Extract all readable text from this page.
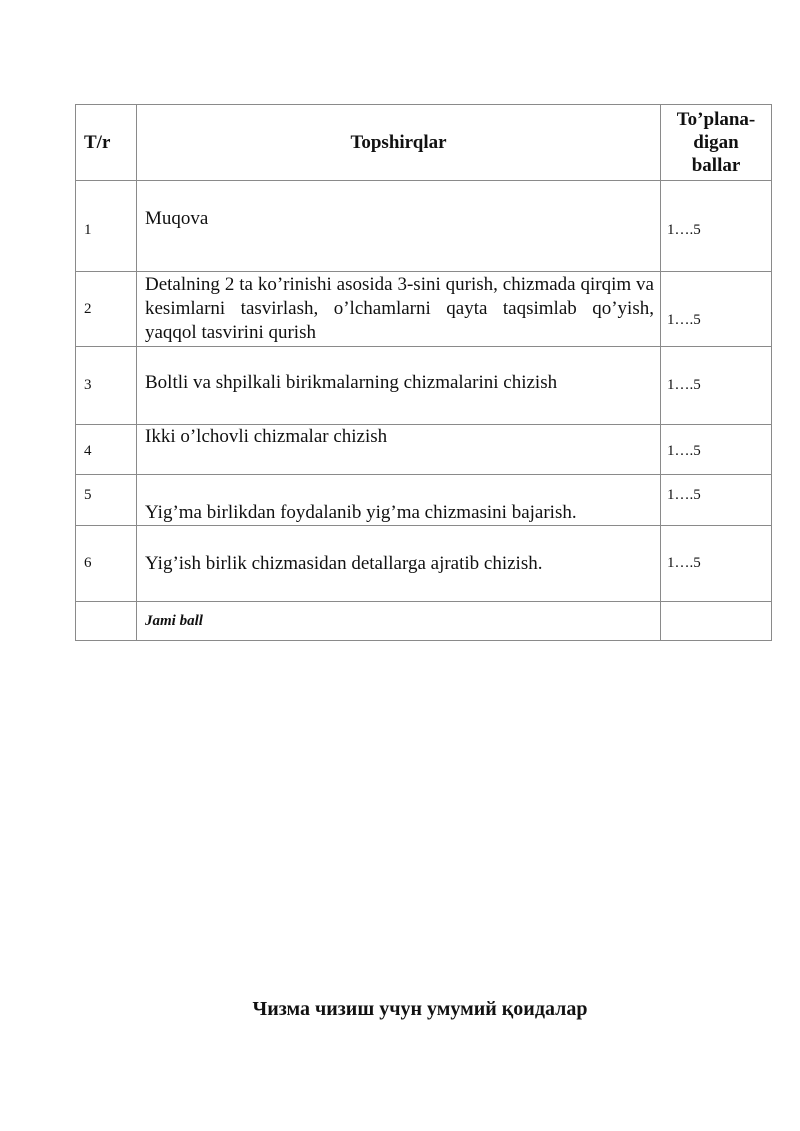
T/r	Topshirqlar	To’plana-
digan
ballar

1	Muqova	1….5
2	Detalning 2 ta ko’rinishi asosida 3-sini qurish, chizmada qirqim va kesimlarni tasvirlash, o’lchamlarni qayta taqsimlab qo’yish, yaqqol tasvirini qurish	1….5
3	Boltli va shpilkali birikmalarning chizmalarini chizish	1….5
4	Ikki o’lchovli chizmalar chizish	1….5
5	Yig’ma birlikdan foydalanib yig’ma chizmasini bajarish.	1….5
6	Yig’ish birlik chizmasidan detallarga ajratib chizish.	1….5
	Jami ball	
Чизма чизиш учун умумий қоидалар
